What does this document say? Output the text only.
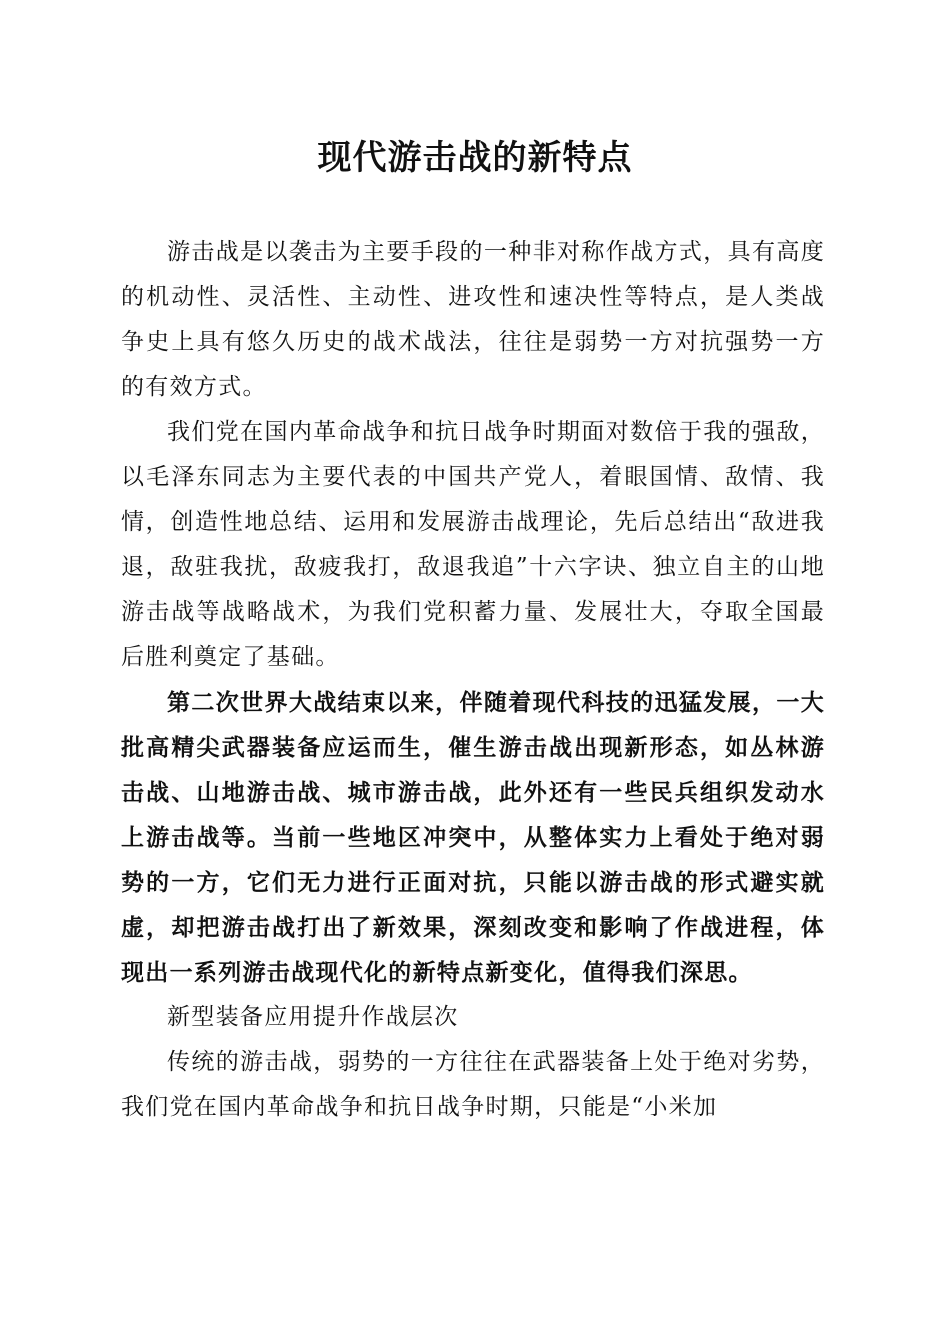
现代游击战的新特点

游击战是以袭击为主要手段的一种非对称作战方式，具有高度的机动性、灵活性、主动性、进攻性和速决性等特点，是人类战争史上具有悠久历史的战术战法，往往是弱势一方对抗强势一方的有效方式。

我们党在国内革命战争和抗日战争时期面对数倍于我的强敌，以毛泽东同志为主要代表的中国共产党人，着眼国情、敌情、我情，创造性地总结、运用和发展游击战理论，先后总结出“敌进我退，敌驻我扰，敌疲我打，敌退我追”十六字诀、独立自主的山地游击战等战略战术，为我们党积蓄力量、发展壮大，夺取全国最后胜利奠定了基础。

第二次世界大战结束以来，伴随着现代科技的迅猛发展，一大批高精尖武器装备应运而生，催生游击战出现新形态，如丛林游击战、山地游击战、城市游击战，此外还有一些民兵组织发动水上游击战等。当前一些地区冲突中，从整体实力上看处于绝对弱势的一方，它们无力进行正面对抗，只能以游击战的形式避实就虚，却把游击战打出了新效果，深刻改变和影响了作战进程，体现出一系列游击战现代化的新特点新变化，值得我们深思。

新型装备应用提升作战层次

传统的游击战，弱势的一方往往在武器装备上处于绝对劣势，我们党在国内革命战争和抗日战争时期，只能是“小米加
